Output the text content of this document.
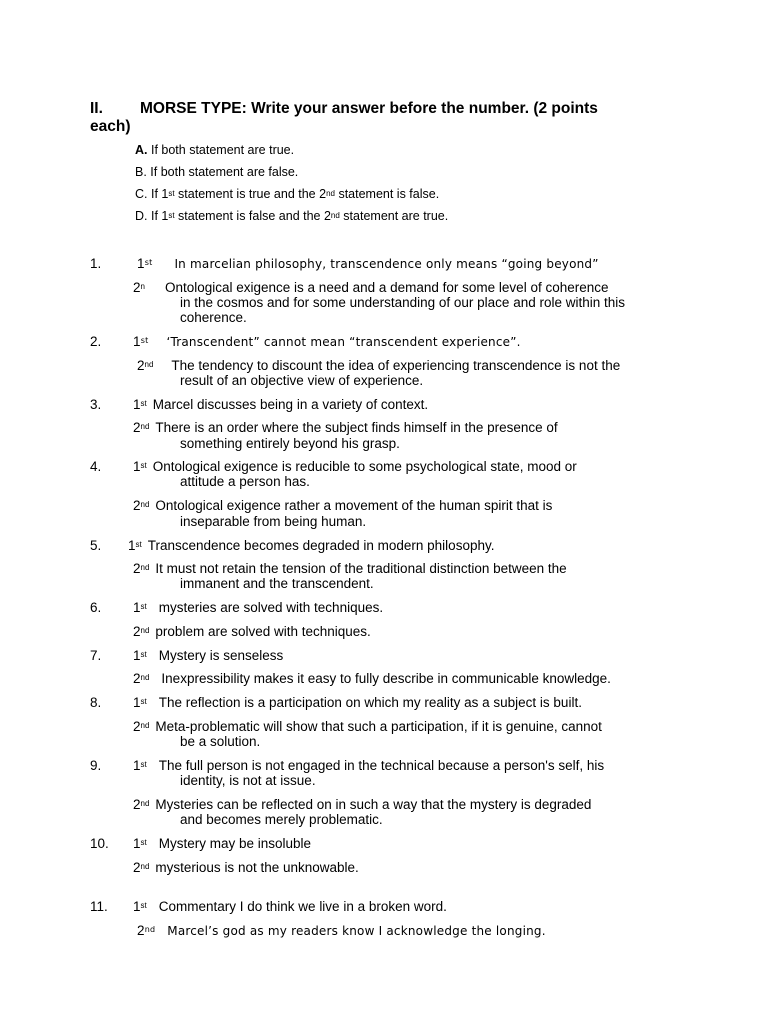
II. MORSE TYPE: Write your answer before the number. (2 points
each)
A. If both statement are true.
B. If both statement are false.
C. If 1st statement is true and the 2nd statement is false.
D. If 1st statement is false and the 2nd statement are true.
1.	1st In marcelian philosophy, transcendence only means “going beyond”
2$^n$ Ontological exigence is a need and a demand for some level of coherence
in the cosmos and for some understanding of our place and role within this
coherence.
2. 1st ‘Transcendent” cannot mean “transcendent experience”.
2nd The tendency to discount the idea of experiencing transcendence is not the
result of an objective view of experience.
3. 1st Marcel discusses being in a variety of context.
2nd There is an order where the subject finds himself in the presence of
something entirely beyond his grasp.
4. 1st Ontological exigence is reducible to some psychological state, mood or
attitude a person has.
2nd Ontological exigence rather a movement of the human spirit that is
inseparable from being human.
5. 1st Transcendence becomes degraded in modern philosophy.
2nd It must not retain the tension of the traditional distinction between the
immanent and the transcendent.
6. 1st mysteries are solved with techniques.
2nd problem are solved with techniques.
7. 1st Mystery is senseless
2nd Inexpressibility makes it easy to fully describe in communicable knowledge.
8. 1st The reflection is a participation on which my reality as a subject is built.
2nd Meta-problematic will show that such a participation, if it is genuine, cannot
be a solution.
9. 1st The full person is not engaged in the technical because a person's self, his
identity, is not at issue.
2nd Mysteries can be reflected on in such a way that the mystery is degraded
and becomes merely problematic.
10. 1st Mystery may be insoluble
2nd mysterious is not the unknowable.
11. 1st Commentary I do think we live in a broken word.
2nd Marcel’s god as my readers know I acknowledge the longing.
